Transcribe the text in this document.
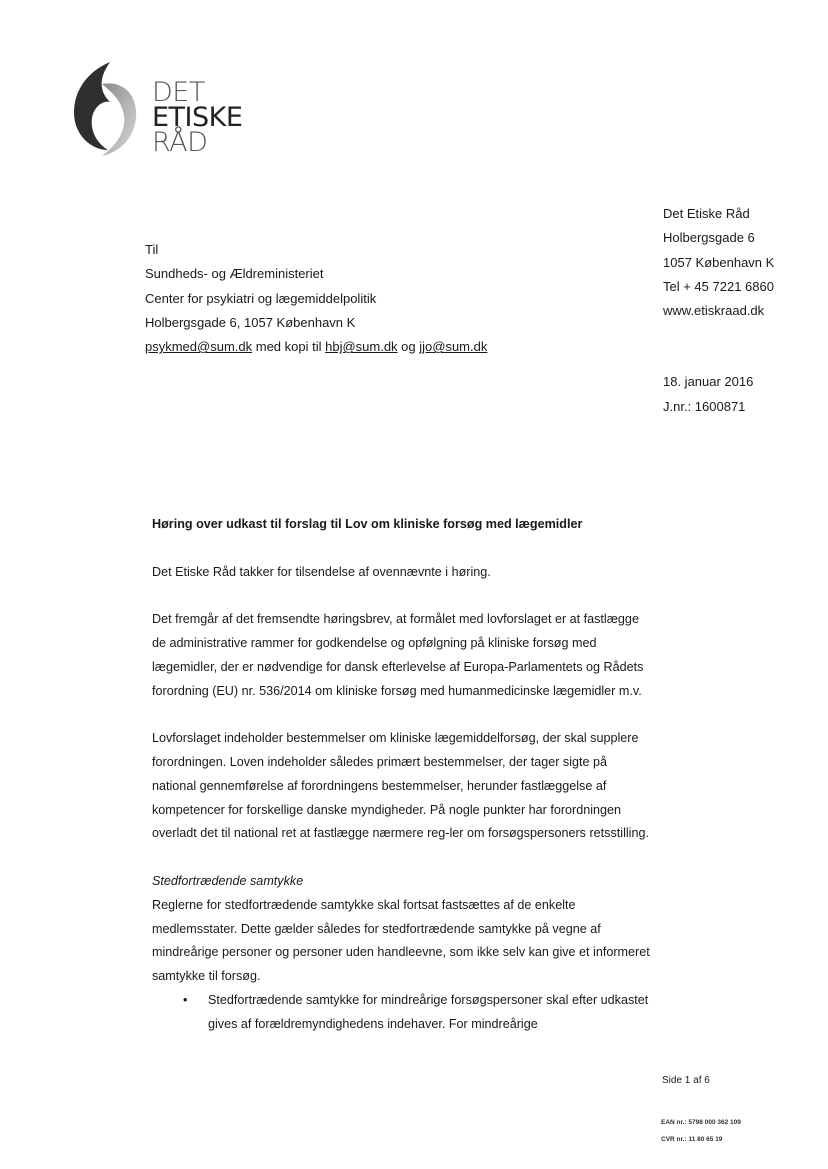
DET
ETISKE
RÅD
Til
Sundheds- og Ældreministeriet
Center for psykiatri og lægemiddelpolitik
Holbergsgade 6, 1057 København K
psykmed@sum.dk med kopi til hbj@sum.dk og jjo@sum.dk
Det Etiske Råd
Holbergsgade 6
1057 København K
Tel + 45 7221 6860
www.etiskraad.dk
18. januar 2016
J.nr.: 1600871

Høring over udkast til forslag til Lov om kliniske forsøg med lægemidler

Det Etiske Råd takker for tilsendelse af ovennævnte i høring.

Det fremgår af det fremsendte høringsbrev, at formålet med lovforslaget er at fastlægge de administrative rammer for godkendelse og opfølgning på kliniske forsøg med lægemidler, der er nødvendige for dansk efterlevelse af Europa-Parlamentets og Rådets forordning (EU) nr. 536/2014 om kliniske forsøg med humanmedicinske lægemidler m.v.

Lovforslaget indeholder bestemmelser om kliniske lægemiddelforsøg, der skal supplere forordningen. Loven indeholder således primært bestemmelser, der tager sigte på national gennemførelse af forordningens bestemmelser, herunder fastlæggelse af kompetencer for forskellige danske myndigheder. På nogle punkter har forordningen overladt det til national ret at fastlægge nærmere reg-ler om forsøgspersoners retsstilling.

Stedfortrædende samtykke

Reglerne for stedfortrædende samtykke skal fortsat fastsættes af de enkelte medlemsstater. Dette gælder således for stedfortrædende samtykke på vegne af mindreårige personer og personer uden handleevne, som ikke selv kan give et informeret samtykke til forsøg.

•	Stedfortrædende samtykke for mindreårige forsøgspersoner skal efter udkastet gives af forældremyndighedens indehaver. For mindreårige
Side 1 af 6
EAN nr.: 5798 000 362 109
CVR nr.: 11 80 65 19
